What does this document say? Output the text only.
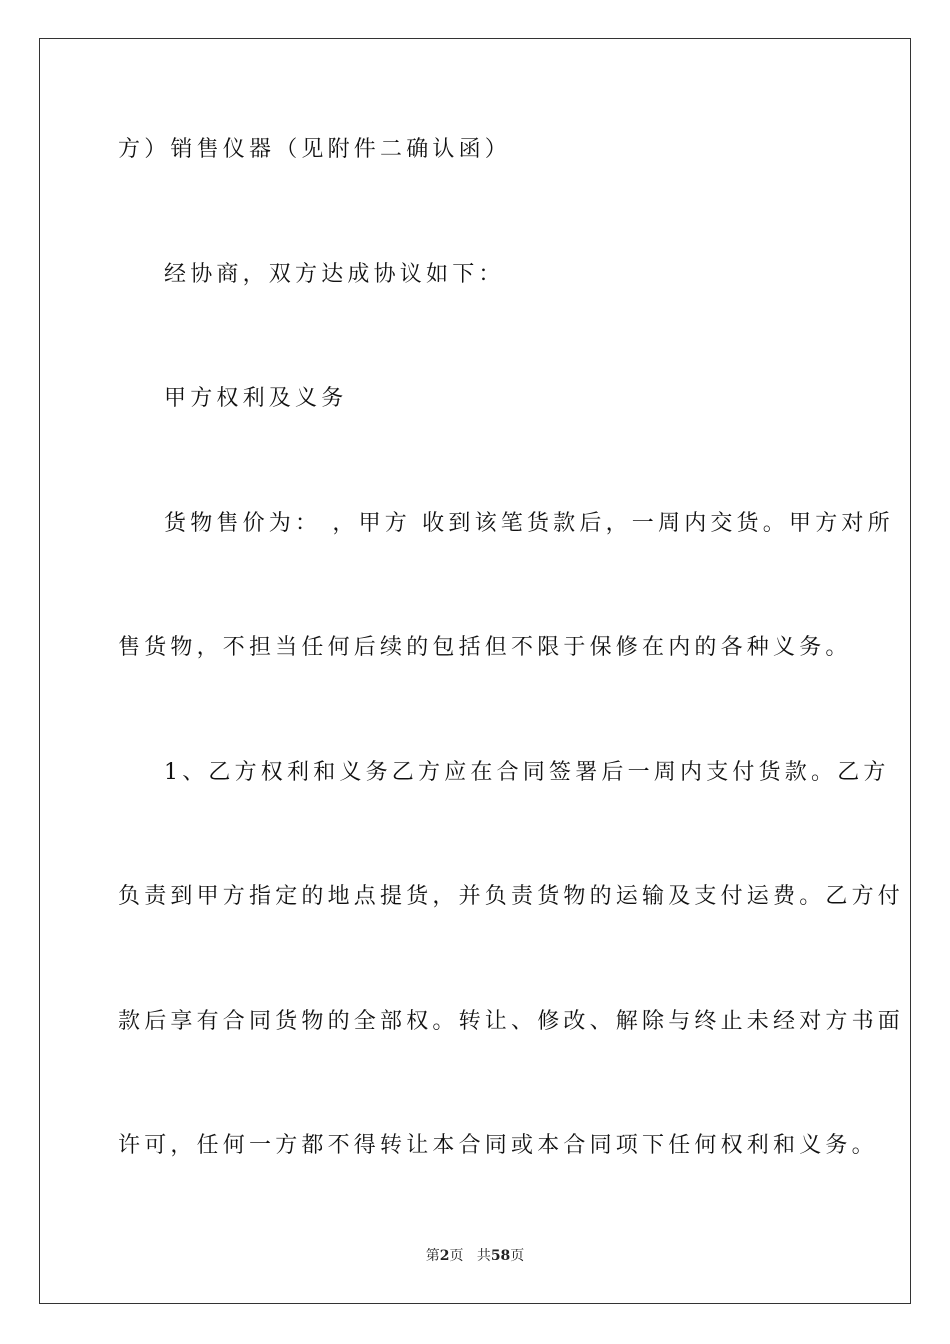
方）销售仪器（见附件二确认函）
经协商，双方达成协议如下：
甲方权利及义务
货物售价为： ，甲方 收到该笔货款后，一周内交货。甲方对所
售货物，不担当任何后续的包括但不限于保修在内的各种义务。
1、乙方权利和义务乙方应在合同签署后一周内支付货款。乙方
负责到甲方指定的地点提货，并负责货物的运输及支付运费。乙方付
款后享有合同货物的全部权。转让、修改、解除与终止未经对方书面
许可，任何一方都不得转让本合同或本合同项下任何权利和义务。
第2页 共58页
